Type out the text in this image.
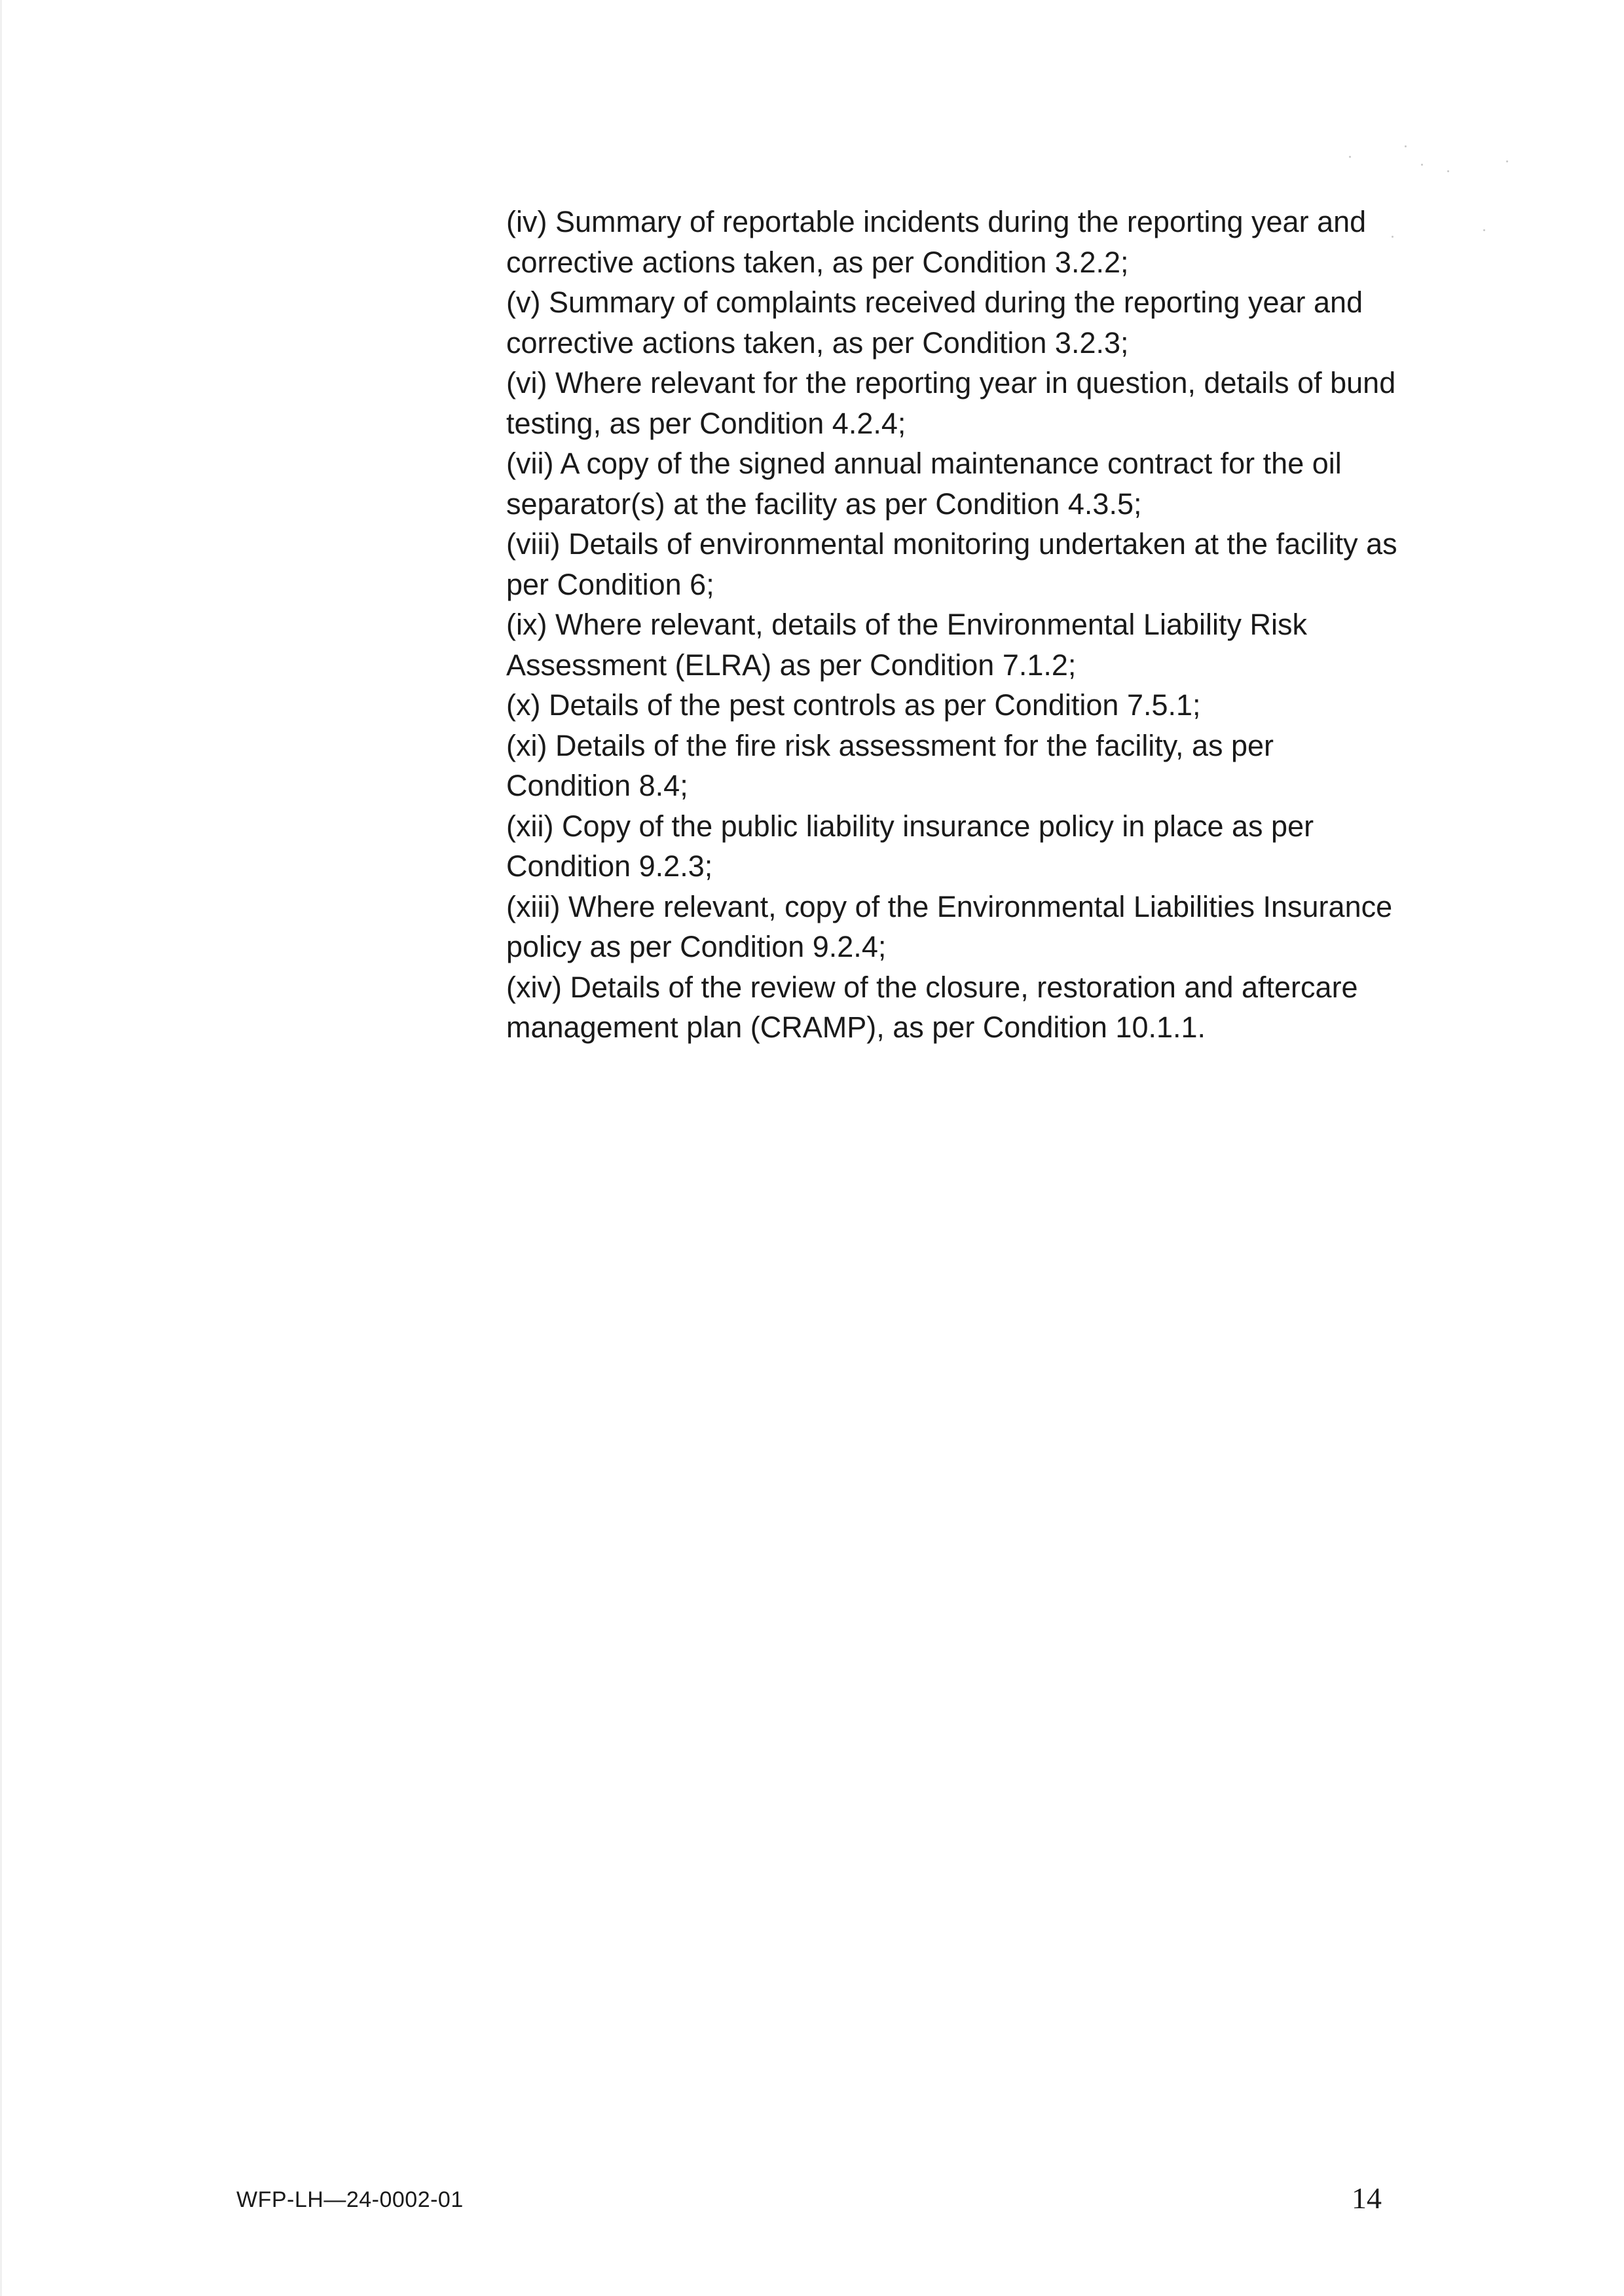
(iv) Summary of reportable incidents during the reporting year and corrective actions taken, as per Condition 3.2.2;
(v) Summary of complaints received during the reporting year and corrective actions taken, as per Condition 3.2.3;
(vi) Where relevant for the reporting year in question, details of bund testing, as per Condition 4.2.4;
(vii) A copy of the signed annual maintenance contract for the oil separator(s) at the facility as per Condition 4.3.5;
(viii) Details of environmental monitoring undertaken at the facility as per Condition 6;
(ix) Where relevant, details of the Environmental Liability Risk Assessment (ELRA) as per Condition 7.1.2;
(x) Details of the pest controls as per Condition 7.5.1;
(xi) Details of the fire risk assessment for the facility, as per Condition 8.4;
(xii) Copy of the public liability insurance policy in place as per Condition 9.2.3;
(xiii) Where relevant, copy of the Environmental Liabilities Insurance policy as per Condition 9.2.4;
(xiv) Details of the review of the closure, restoration and aftercare management plan (CRAMP), as per Condition 10.1.1.
WFP-LH—24-0002-01	14
